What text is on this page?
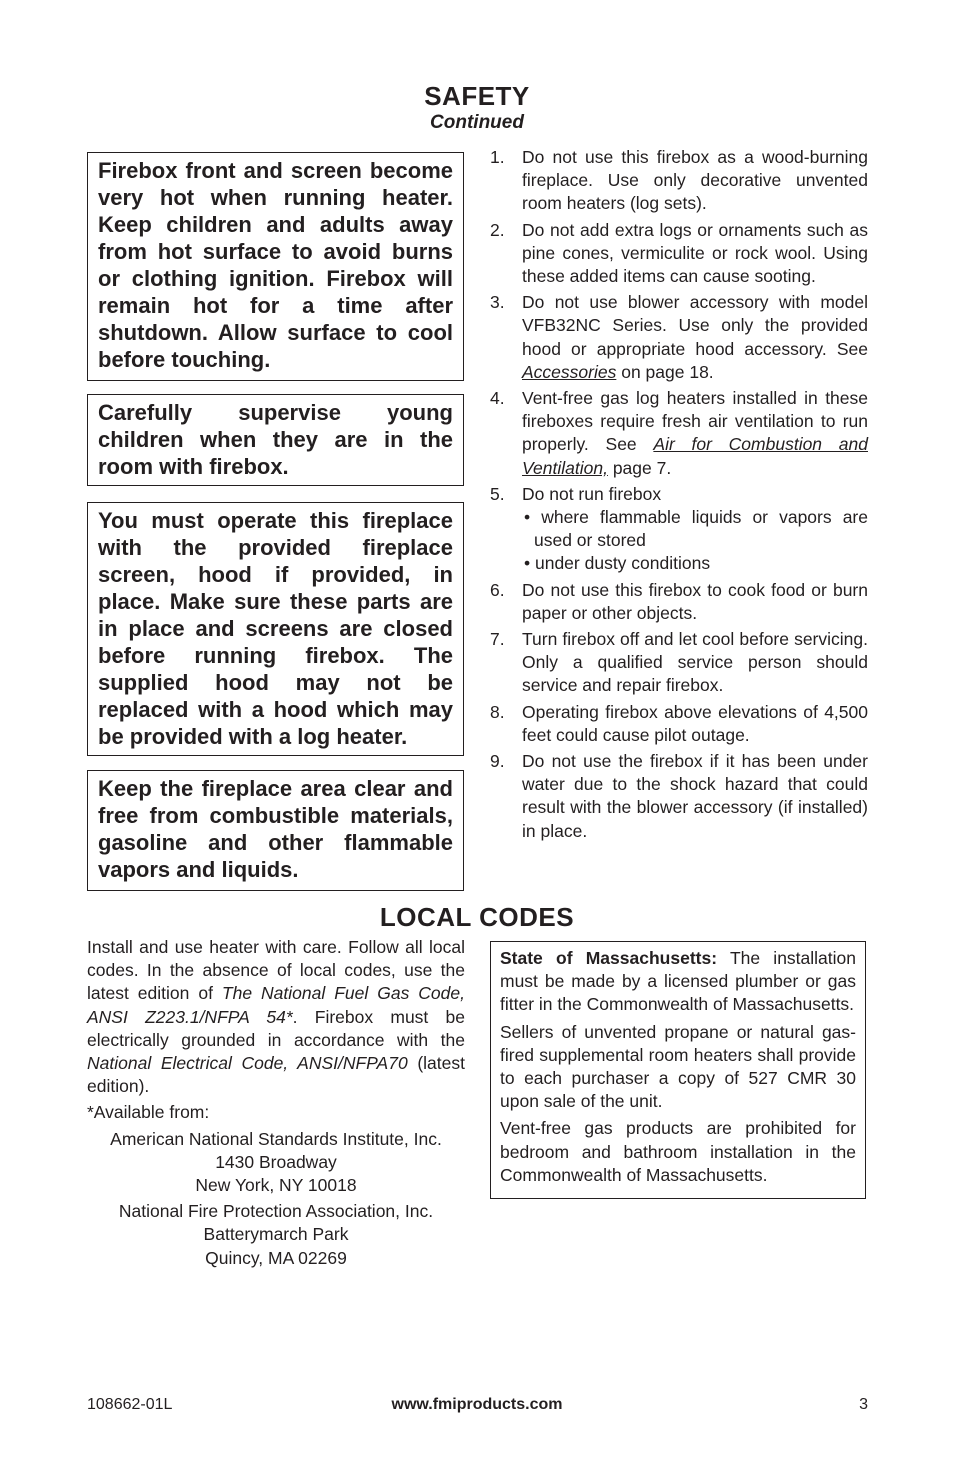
SAFETY

Continued

Firebox front and screen become very hot when running heater. Keep children and adults away from hot surface to avoid burns or clothing ignition. Firebox will remain hot for a time after shutdown. Allow surface to cool before touching.
Carefully supervise young children when they are in the room with firebox.
You must operate this fireplace with the provided fireplace screen, hood if provided, in place. Make sure these parts are in place and screens are closed before running firebox. The supplied hood may not be replaced with a hood which may be provided with a log heater.
Keep the fireplace area clear and free from combustible materials, gasoline and other flammable vapors and liquids.
1. Do not use this firebox as a wood-burning fireplace. Use only decorative unvented room heaters (log sets).
2. Do not add extra logs or ornaments such as pine cones, vermiculite or rock wool. Using these added items can cause sooting.
3. Do not use blower accessory with model VFB32NC Series. Use only the provided hood or appropriate hood accessory. See Accessories on page 18.
4. Vent-free gas log heaters installed in these fireboxes require fresh air ventilation to run properly. See Air for Combustion and Ventilation, page 7.
5. Do not run firebox
• where flammable liquids or vapors are used or stored
• under dusty conditions
6. Do not use this firebox to cook food or burn paper or other objects.
7. Turn firebox off and let cool before servicing. Only a qualified service person should service and repair firebox.
8. Operating firebox above elevations of 4,500 feet could cause pilot outage.
9. Do not use the firebox if it has been under water due to the shock hazard that could result with the blower accessory (if installed) in place.

LOCAL CODES

Install and use heater with care. Follow all local codes. In the absence of local codes, use the latest edition of The National Fuel Gas Code, ANSI Z223.1/NFPA 54*. Firebox must be electrically grounded in accordance with the National Electrical Code, ANSI/NFPA70 (latest edition).

*Available from:

American National Standards Institute, Inc.
1430 Broadway
New York, NY 10018
National Fire Protection Association, Inc.
Batterymarch Park
Quincy, MA 02269

State of Massachusetts: The installation must be made by a licensed plumber or gas fitter in the Commonwealth of Massachusetts.

Sellers of unvented propane or natural gas-fired supplemental room heaters shall provide to each purchaser a copy of 527 CMR 30 upon sale of the unit.

Vent-free gas products are prohibited for bedroom and bathroom installation in the Commonwealth of Massachusetts.

108662-01L	www.fmiproducts.com	3
